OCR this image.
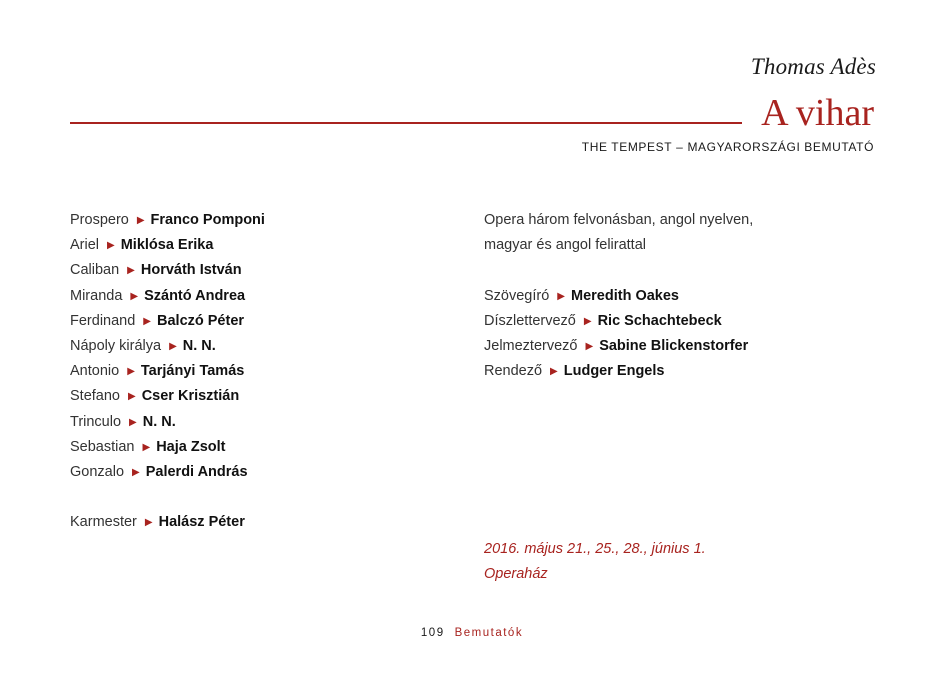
Thomas Adès
A vihar
THE TEMPEST – MAGYARORSZÁGI BEMUTATÓ
Prospero ▶ Franco Pomponi
Ariel ▶ Miklósa Erika
Caliban ▶ Horváth István
Miranda ▶ Szántó Andrea
Ferdinand ▶ Balczó Péter
Nápoly királya ▶ N. N.
Antonio ▶ Tarjányi Tamás
Stefano ▶ Cser Krisztián
Trinculo ▶ N. N.
Sebastian ▶ Haja Zsolt
Gonzalo ▶ Palerdi András
Karmester ▶ Halász Péter
Opera három felvonásban, angol nyelven,
magyar és angol felirattal
Szövegíró ▶ Meredith Oakes
Díszlettervező ▶ Ric Schachtebeck
Jelmeztervező ▶ Sabine Blickenstorfer
Rendező ▶ Ludger Engels
2016. május 21., 25., 28., június 1.
Operaház
109 Bemutatók
